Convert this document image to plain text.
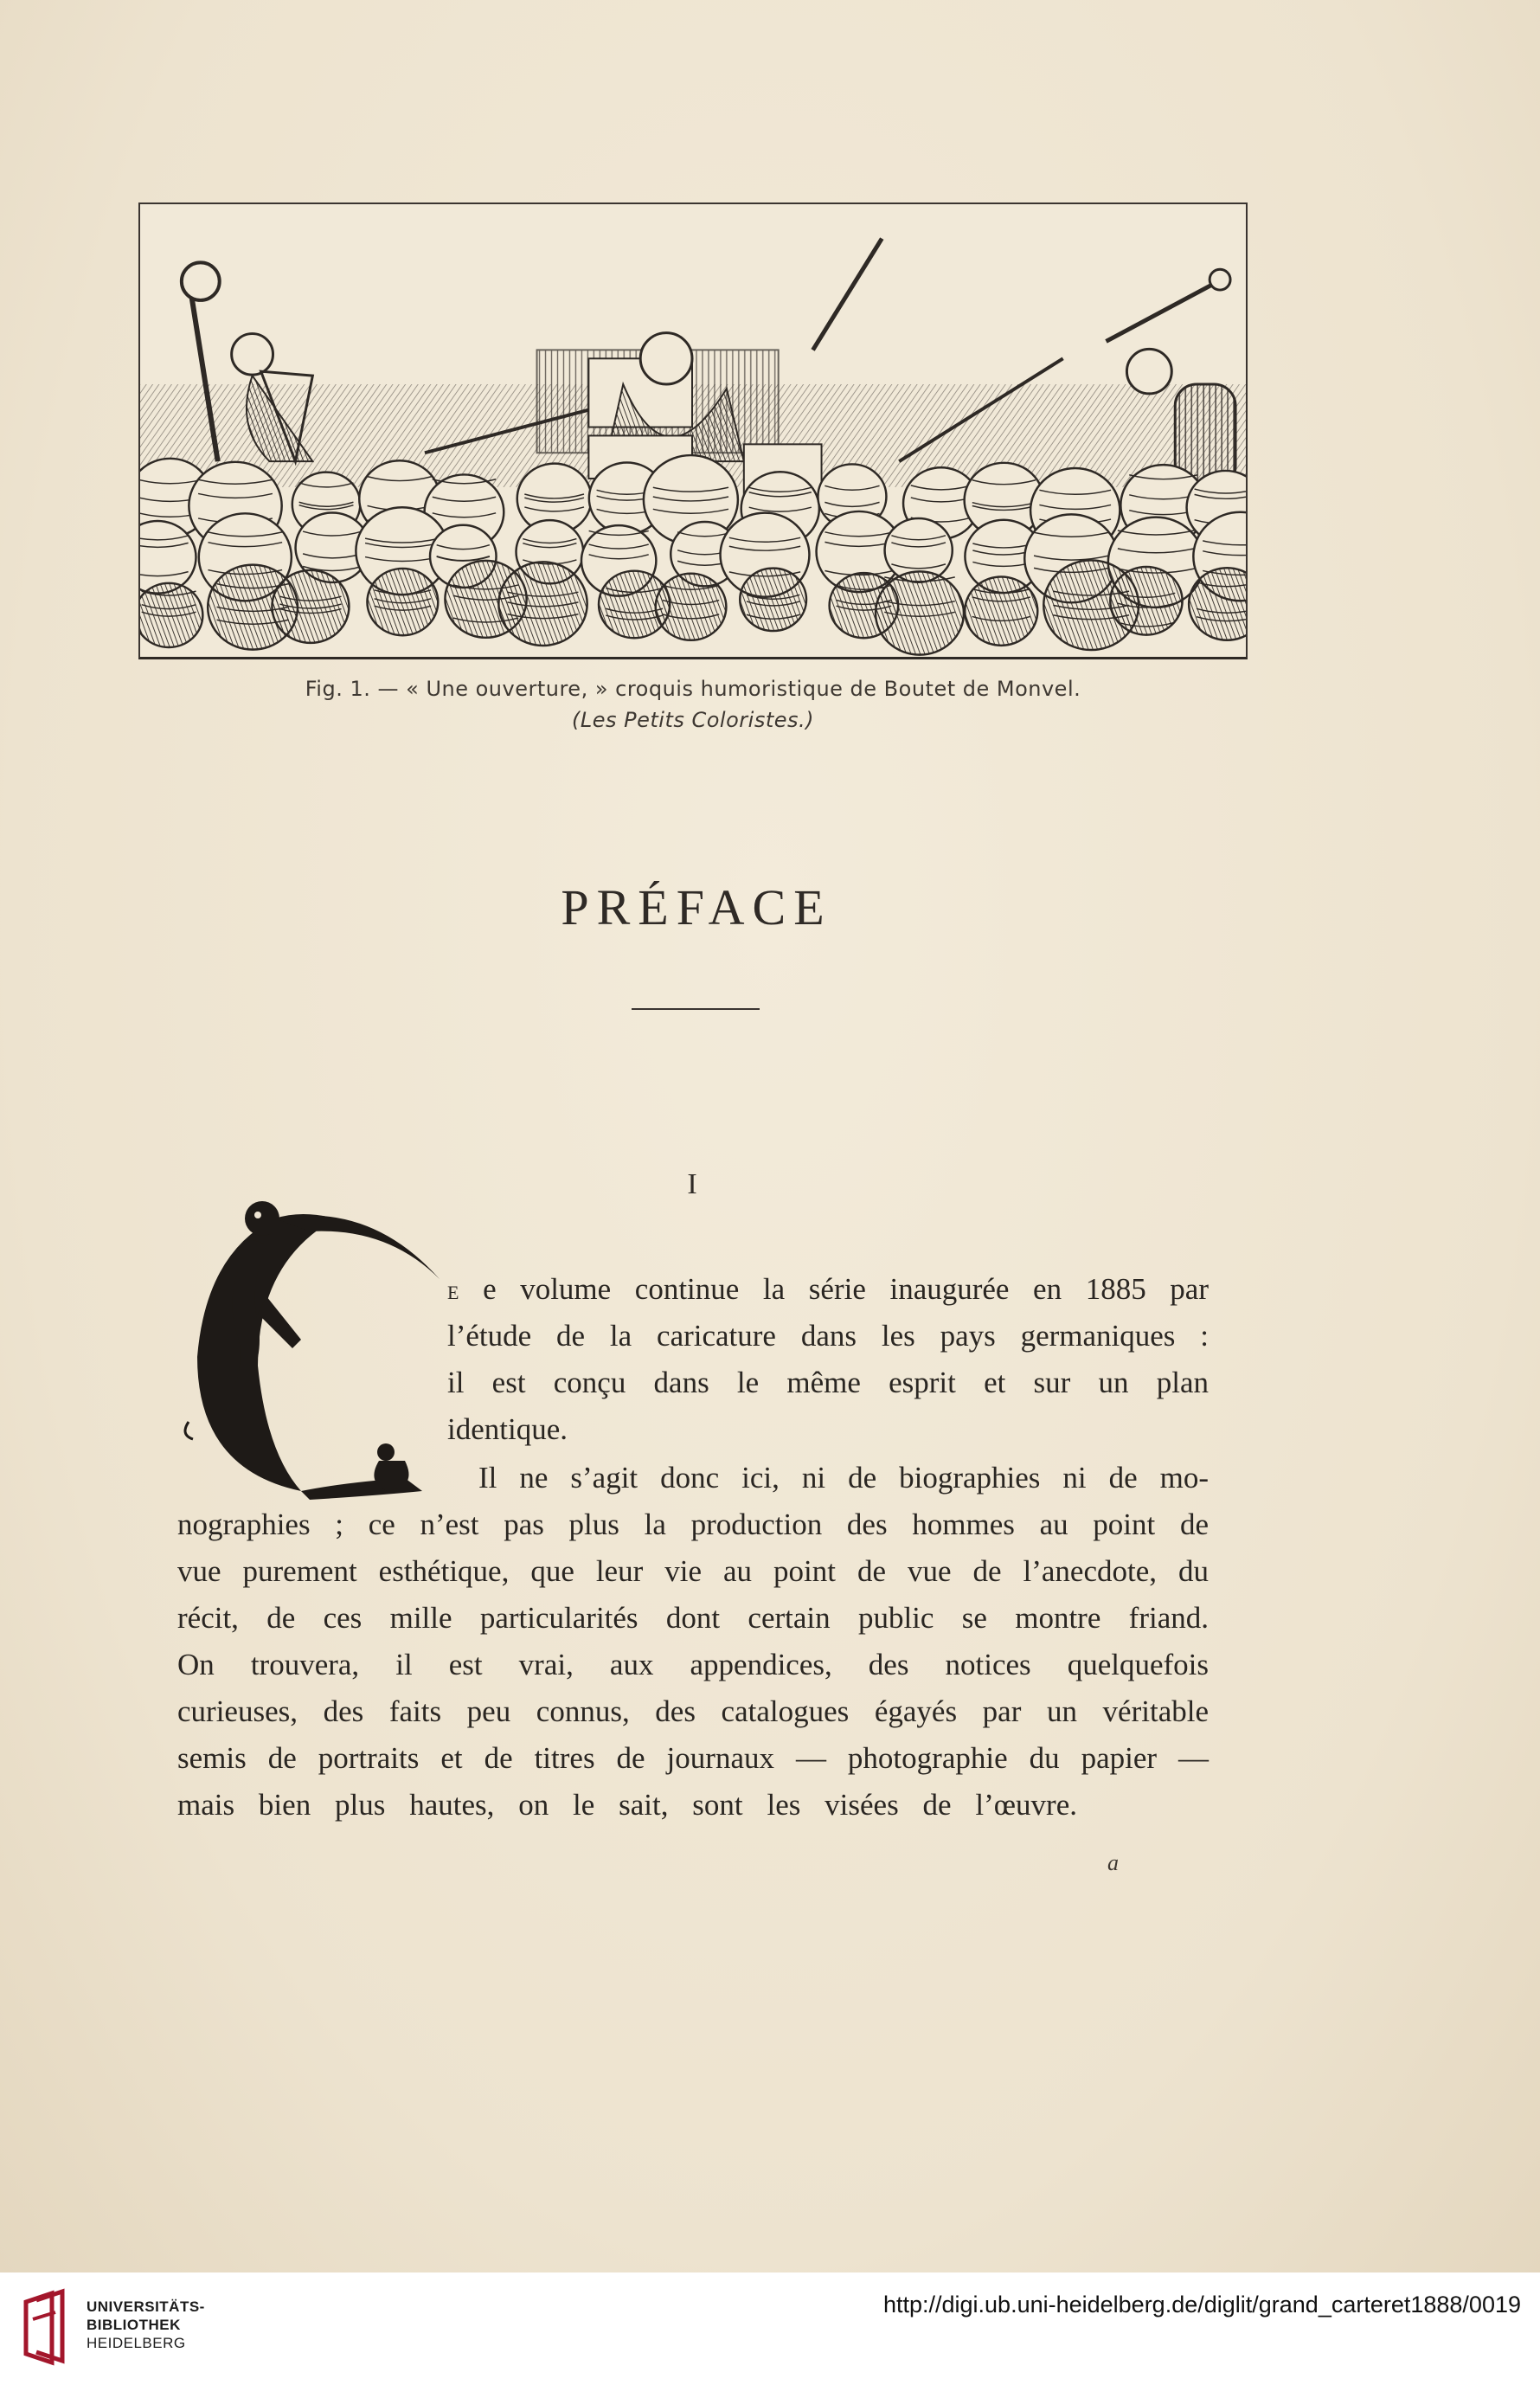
Fig. 1. — « Une ouverture, » croquis humoristique de Boutet de Monvel.
(Les Petits Coloristes.)
PRÉFACE
I
E e volume continue la série inaugurée en 1885 par
l’étude de la caricature dans les pays germaniques :
il est conçu dans le même esprit et sur un plan
identique.
Il ne s’agit donc ici, ni de biographies ni de mo-
nographies ; ce n’est pas plus la production des hommes au point de
vue purement esthétique, que leur vie au point de vue de l’anecdote, du
récit, de ces mille particularités dont certain public se montre friand.
On trouvera, il est vrai, aux appendices, des notices quelquefois
curieuses, des faits peu connus, des catalogues égayés par un véritable
semis de portraits et de titres de journaux — photographie du papier —
mais bien plus hautes, on le sait, sont les visées de l’œuvre.
a
UNIVERSITÄTS-
BIBLIOTHEK
HEIDELBERG
http://digi.ub.uni-heidelberg.de/diglit/grand_carteret1888/0019
